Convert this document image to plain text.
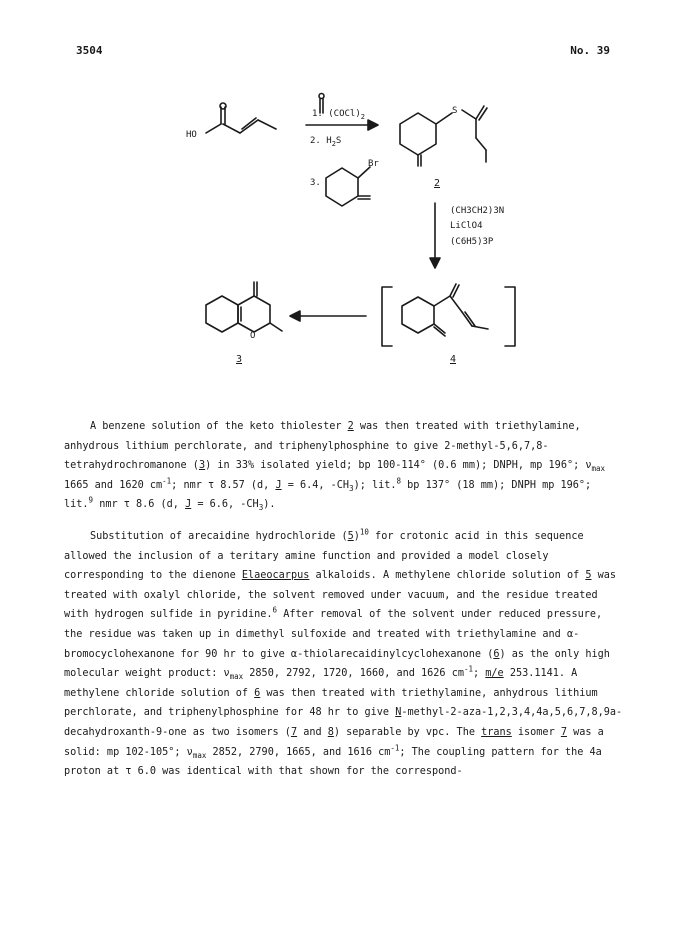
3504	No. 39
HO
1. $(COCl)_2$
2. $H_2S$
3.
Br
S
2
(CH3CH2)3N
LiClO4
(C6H5)3P
O
3	4

A benzene solution of the keto thiolester 2 was then treated with triethylamine, anhydrous lithium perchlorate, and triphenylphosphine to give 2-methyl-5,6,7,8-tetrahydrochromanone (3) in 33% isolated yield; bp 100-114° (0.6 mm); DNPH, mp 196°; $\nu_{max}$ 1665 and 1620 $cm^{-1}$; nmr τ 8.57 (d, J = 6.4, $-CH_3$); lit.$^8$ bp 137° (18 mm); DNPH mp 196°; lit.$^9$ nmr τ 8.6 (d, J = 6.6, $-CH_3$).

Substitution of arecaidine hydrochloride $(5)^{10}$ for crotonic acid in this sequence allowed the inclusion of a teritary amine function and provided a model closely corresponding to the dienone Elaeocarpus alkaloids. A methylene chloride solution of 5 was treated with oxalyl chloride, the solvent removed under vacuum, and the residue treated with hydrogen sulfide in pyridine.$^6$ After removal of the solvent under reduced pressure, the residue was taken up in dimethyl sulfoxide and treated with triethylamine and α-bromocyclohexanone for 90 hr to give α-thiolarecaidinylcyclohexanone (6) as the only high molecular weight product: $\nu_{max}$ 2850, 2792, 1720, 1660, and 1626 $cm^{-1}$; m/e 253.1141. A methylene chloride solution of 6 was then treated with triethylamine, anhydrous lithium perchlorate, and triphenylphosphine for 48 hr to give N-methyl-2-aza-1,2,3,4,4a,5,6,7,8,9a-decahydroxanth-9-one as two isomers (7 and 8) separable by vpc. The trans isomer 7 was a solid: mp 102-105°; $\nu_{max}$ 2852, 2790, 1665, and 1616 $cm^{-1}$; The coupling pattern for the 4a proton at τ 6.0 was identical with that shown for the correspond-
